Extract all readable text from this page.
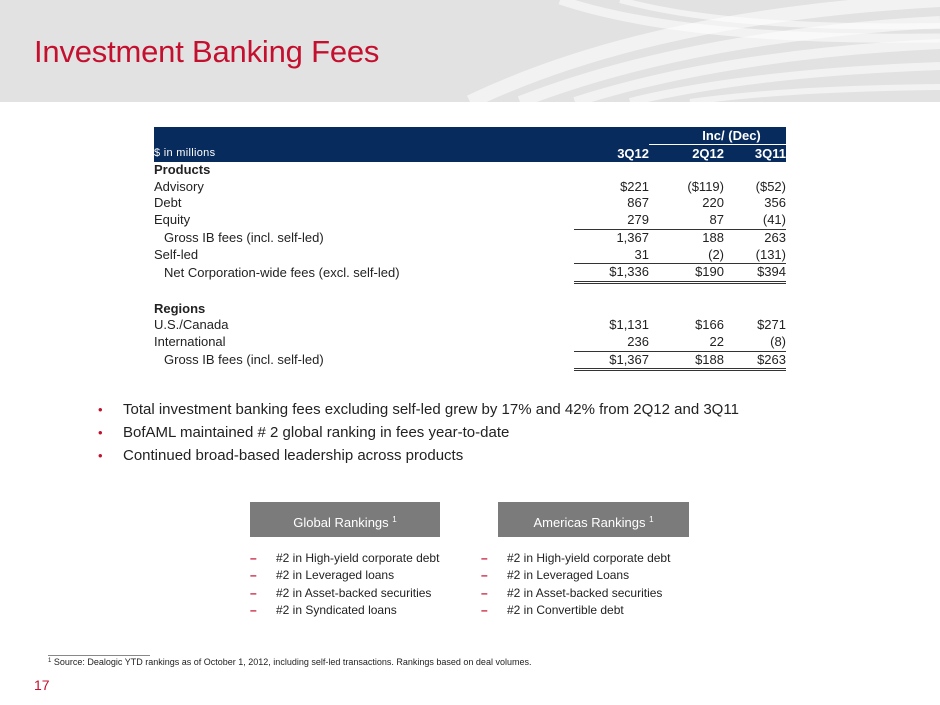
Investment Banking Fees
		Inc/ (Dec)	
$ in millions	3Q12	2Q12	3Q11
Products			
Advisory	$221	($119)	($52)
Debt	867	220	356
Equity	279	87	(41)
Gross IB fees (incl. self-led)	1,367	188	263
Self-led	31	(2)	(131)
Net Corporation-wide fees (excl. self-led)	$1,336	$190	$394

Regions			
U.S./Canada	$1,131	$166	$271
International	236	22	(8)
Gross IB fees (incl. self-led)	$1,367	$188	$263
• Total investment banking fees excluding self-led grew by 17% and 42% from 2Q12 and 3Q11
• BofAML maintained # 2 global ranking in fees year-to-date
• Continued broad-based leadership across products
Global Rankings $^1$	Americas Rankings $^1$
– #2 in High-yield corporate debt
– #2 in Leveraged loans
– #2 in Asset-backed securities
– #2 in Syndicated loans
– #2 in High-yield corporate debt
– #2 in Leveraged Loans
– #2 in Asset-backed securities
– #2 in Convertible debt
$^1$ Source: Dealogic YTD rankings as of October 1, 2012, including self-led transactions. Rankings based on deal volumes.
17
